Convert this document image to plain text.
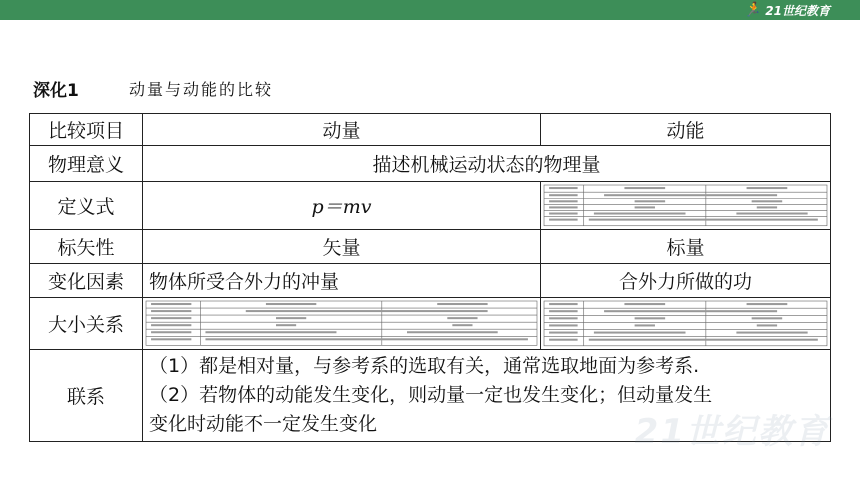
🏃 21世纪教育
深化1	动量与动能的比较
比较项目	动量	动能
物理意义	描述机械运动状态的物理量	
定义式	p＝mv	

标矢性	矢量	标量
变化因素	物体所受合外力的冲量	合外力所做的功
大小关系	

联系	（1）都是相对量，与参考系的选取有关，通常选取地面为参考系.
（2）若物体的动能发生变化，则动量一定也发生变化；但动量发生
变化时动能不一定发生变化		21世纪教育
